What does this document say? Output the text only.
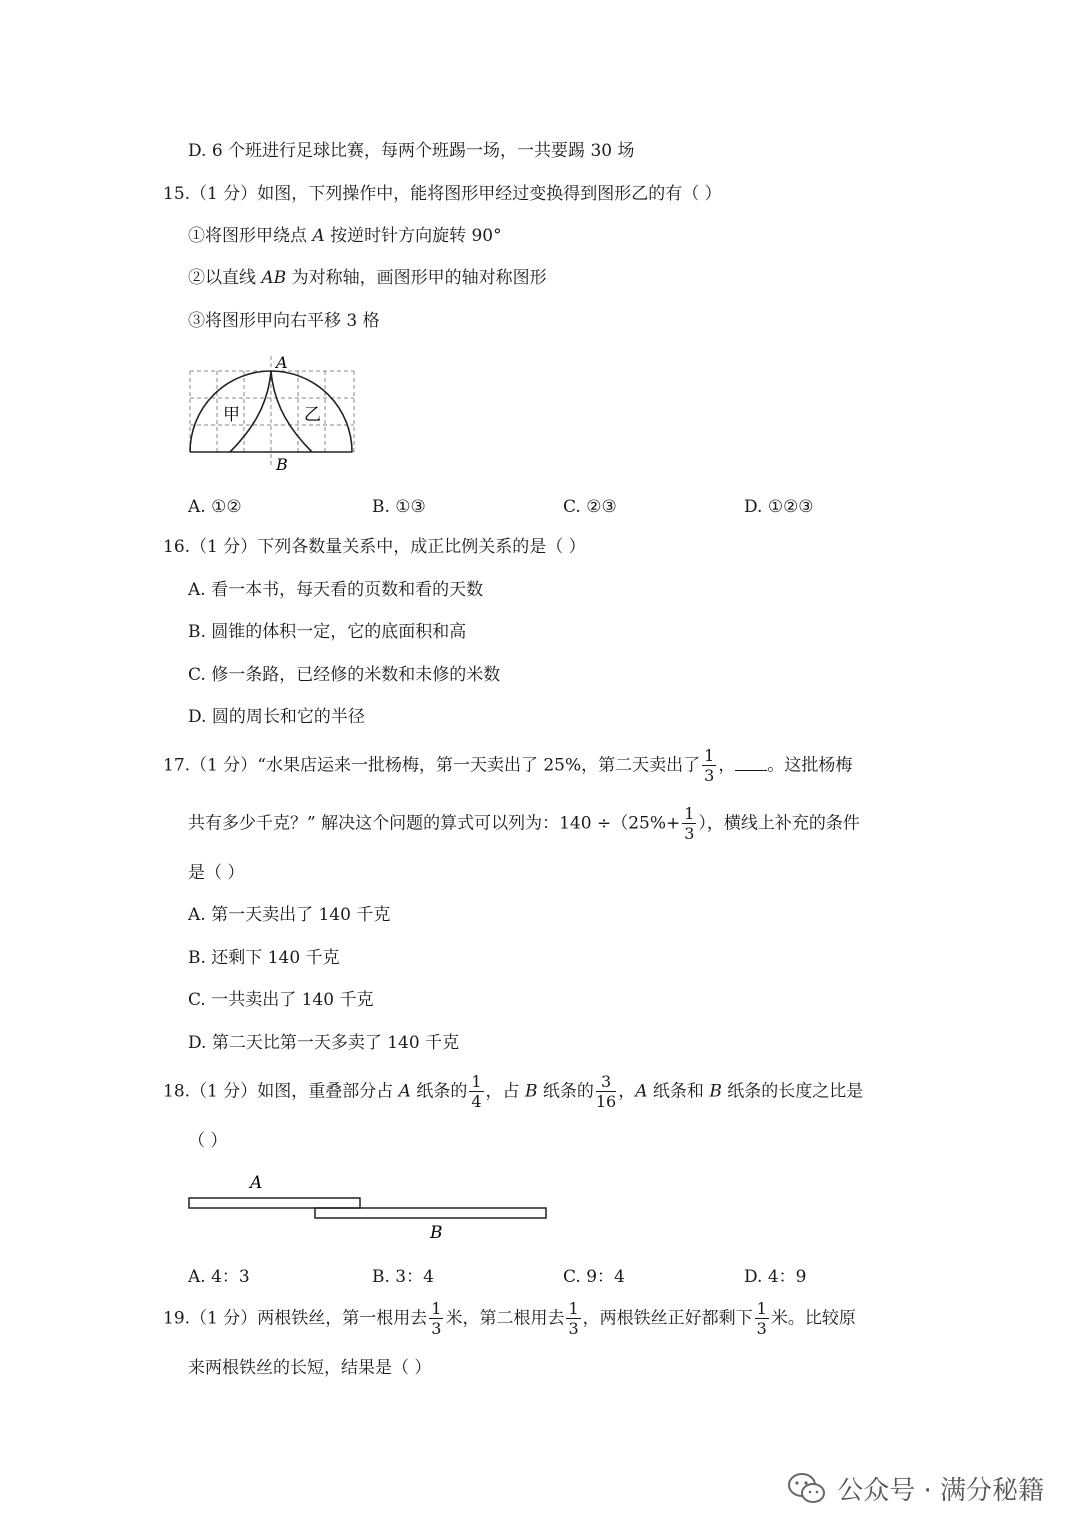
D. 6 个班进行足球比赛，每两个班踢一场，一共要踢 30 场
15.（1 分）如图，下列操作中，能将图形甲经过变换得到图形乙的有（ ）
①将图形甲绕点 A 按逆时针方向旋转 90°
②以直线 AB 为对称轴，画图形甲的轴对称图形
③将图形甲向右平移 3 格
A
B
甲	乙
A. ①②	B. ①③	C. ②③	D. ①②③
16.（1 分）下列各数量关系中，成正比例关系的是（ ）
A. 看一本书，每天看的页数和看的天数
B. 圆锥的体积一定，它的底面积和高
C. 修一条路，已经修的米数和未修的米数
D. 圆的周长和它的半径
17.（1 分）“水果店运来一批杨梅，第一天卖出了 25%，第二天卖出了 $\frac{1}{3}$ ， 。这批杨梅
共有多少千克？” 解决这个问题的算式可以列为：$140 \div(25\%+ \frac{1}{3}$ ），横线上补充的条件
是（ ）
A. 第一天卖出了 140 千克
B. 还剩下 140 千克
C. 一共卖出了 140 千克
D. 第二天比第一天多卖了 140 千克
18.（1 分）如图，重叠部分占 A 纸条的 $\frac{1}{4}$ ，占 B 纸条的 $\frac{3}{16}$ ，A 纸条和 B 纸条的长度之比是
（ ）
A
B
A. 4：3	B. 3：4	C. 9：4	D. 4：9
19.（1 分）两根铁丝，第一根用去 $\frac{1}{3}$ 米，第二根用去 $\frac{1}{3}$ ，两根铁丝正好都剩下 $\frac{1}{3}$ 米。比较原
来两根铁丝的长短，结果是（ ）
公众号 · 满分秘籍
